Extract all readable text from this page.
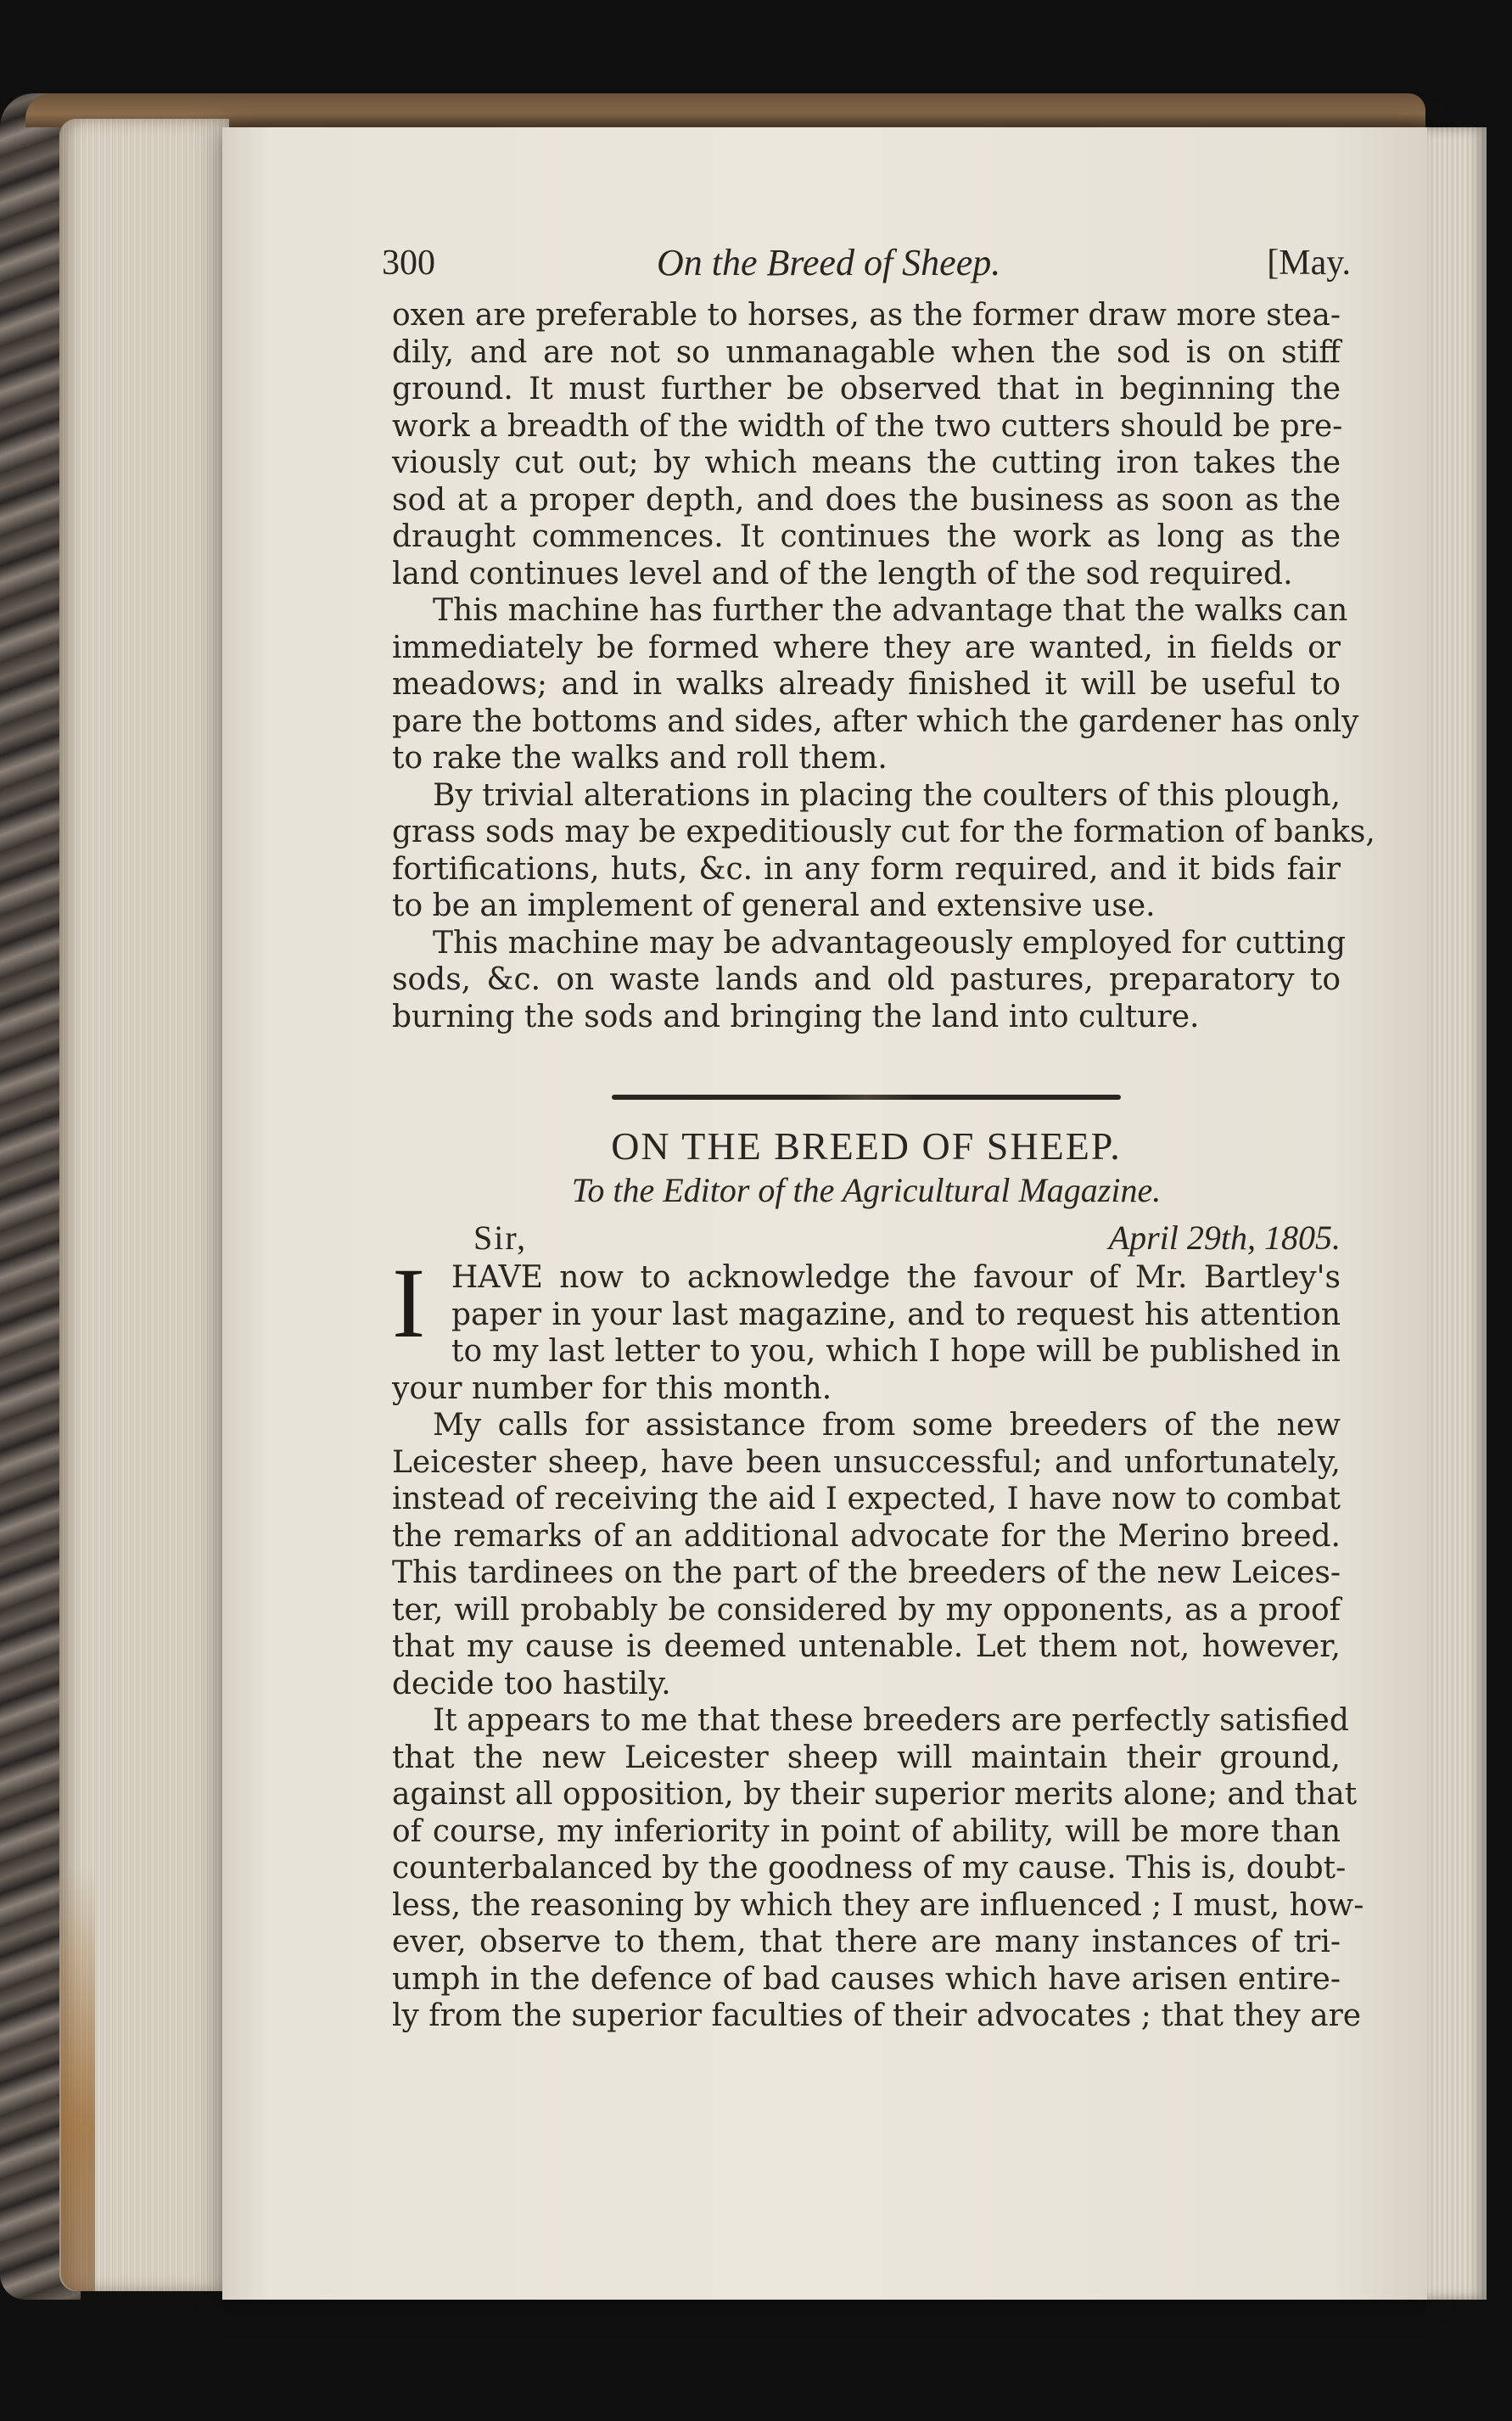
300	On the Breed of Sheep.	[May.
oxen are preferable to horses, as the former draw more stea-
dily, and are not so unmanagable when the sod is on stiff
ground. It must further be observed that in beginning the
work a breadth of the width of the two cutters should be pre-
viously cut out; by which means the cutting iron takes the
sod at a proper depth, and does the business as soon as the
draught commences. It continues the work as long as the
land continues level and of the length of the sod required.
This machine has further the advantage that the walks can
immediately be formed where they are wanted, in fields or
meadows; and in walks already finished it will be useful to
pare the bottoms and sides, after which the gardener has only
to rake the walks and roll them.
By trivial alterations in placing the coulters of this plough,
grass sods may be expeditiously cut for the formation of banks,
fortifications, huts, &c. in any form required, and it bids fair
to be an implement of general and extensive use.
This machine may be advantageously employed for cutting
sods, &c. on waste lands and old pastures, preparatory to
burning the sods and bringing the land into culture.
ON THE BREED OF SHEEP.
To the Editor of the Agricultural Magazine.
Sir,	April 29th, 1805.
I HAVE now to acknowledge the favour of Mr. Bartley's
paper in your last magazine, and to request his attention
to my last letter to you, which I hope will be published in
your number for this month.
My calls for assistance from some breeders of the new
Leicester sheep, have been unsuccessful; and unfortunately,
instead of receiving the aid I expected, I have now to combat
the remarks of an additional advocate for the Merino breed.
This tardinees on the part of the breeders of the new Leices-
ter, will probably be considered by my opponents, as a proof
that my cause is deemed untenable. Let them not, however,
decide too hastily.
It appears to me that these breeders are perfectly satisfied
that the new Leicester sheep will maintain their ground,
against all opposition, by their superior merits alone; and that
of course, my inferiority in point of ability, will be more than
counterbalanced by the goodness of my cause. This is, doubt-
less, the reasoning by which they are influenced ; I must, how-
ever, observe to them, that there are many instances of tri-
umph in the defence of bad causes which have arisen entire-
ly from the superior faculties of their advocates ; that they are
